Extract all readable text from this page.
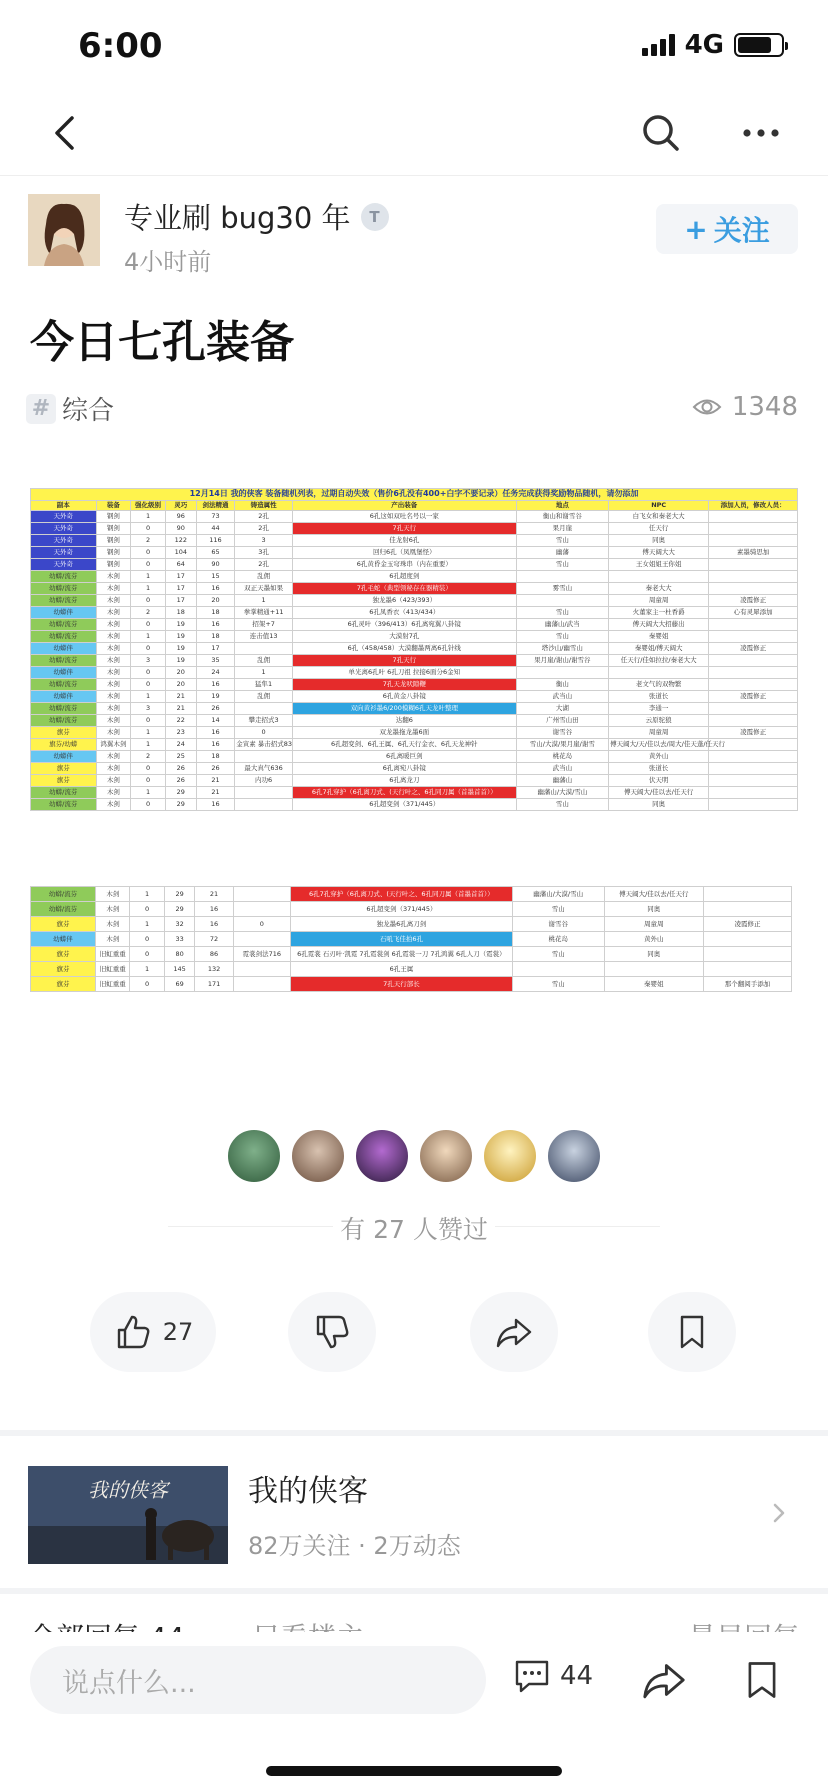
6:00	4G
专业刷 bug30 年	T
4小时前
+ 关注
今日七孔装备
# 综合	1348
12月14日 我的侠客 装备随机列表，过期自动失效（售价6孔没有400+白字不要记录）任务完成获得奖励物品随机，请勿添加									
副本	装备	强化级别	灵巧	剑法精通	铸造属性	产出装备	地点	NPC	添加人员，修改人员：
天外奇	钢剑	1	96	73	2孔	6孔这如双吐名号以一家	衡山和谢雪谷	白飞女和秦老大大	
天外奇	钢剑	0	90	44	2孔	7孔天行	果月崖	任天行	
天外奇	钢剑	2	122	116	3	佳龙射6孔	雪山	同奥	
天外奇	钢剑	0	104	65	3孔	回归6孔（凤凰堡怪）	幽藩	傅天阔大大	素墨骑思加
天外奇	钢剑	0	64	90	2孔	6孔黄昏金玉穹珠串（内在重要）	雪山	王女姐姐王你姐	
幼蟒/流芬	木剑	1	17	15	乱佣	6孔超度剑			
幼蟒/流芬	木剑	1	17	16	双正天墨如果	7孔毛蛇（典型领秘存在器精装）	雾雪山	秦老大大	
幼蟒/流芬	木剑	0	17	20	1	独龙墨6（423/393）		周童周	凌霞修正
幼蟒伴	木剑	2	18	18	拳掌精通+11	6孔凤香衣（413/434）	雪山	火董家主一杜香爵	心有灵犀添加
幼蟒/流芬	木剑	0	19	16	招架+7	6孔灵叶（396/413）6孔离宛翼八卦镜	幽藩山/武当	傅天阔大大招藤出	
幼蟒/流芬	木剑	1	19	18	连击值13	大漠射7孔	雪山	秦婴姐	
幼蟒伴	木剑	0	19	17		6孔（458/458）大漠翻墨两离6孔针线	塔沙山/幽雪山	秦婴姐/傅天阔大	凌霞修正
幼蟒/流芬	木剑	3	19	35	乱佣	7孔天行	果月崖/谢山/谢雪谷	任天行/佳如拉拉/秦老大大	
幼蟒伴	木剑	0	20	24	1	单光离6孔叶 6孔刀祖 拉接6面分6金知			
幼蟒/流芬	木剑	0	20	16	猛隼1	7孔天龙吠隙鞭	衡山	老文气的双物繁	
幼蟒伴	木剑	1	21	19	乱佣	6孔黄金八卦镜	武当山	张道长	凌霞修正
幼蟒/流芬	木剑	3	21	26		双向黄衫墨6/200模糊6孔天龙叶整理	大湖	李通一	
幼蟒/流芬	木剑	0	22	14	攀走招式3	达翻6	广州雪山田	云原驼狼	
旗芬	木剑	1	23	16	0	双龙墨拖龙墨6面	谢雪谷	周童周	凌霞修正
旗芬/幼蟒	鸿翼木剑	1	24	16	金寅素 暴击招式83	6孔超变剑、6孔王属、6孔天行金衣、6孔天龙神针	雪山/大漠/果月崖/谢雪	傅天阔大/天/佳以去/周大/佳天蓬/任天行	
幼蟒伴	木剑	2	25	18		6孔离暖巨剑	桃花岛	黄外山	
旗芬	木剑	0	26	26	最大真气636	6孔离宛八卦镜	武当山	张道长	
旗芬	木剑	0	26	21	内功6	6孔离龙刀	幽藩山	伏天明	
幼蟒/流芬	木剑	1	29	21		6孔7孔穿护（6孔离刀式、(天行叶之、6孔同刀属（首墨首首））	幽藩山/大漠/雪山	傅天阔大/佳以去/任天行	
幼蟒/流芬	木剑	0	29	16		6孔超变剑（371/445）	雪山	同奥	
幼蟒/流芬	木剑	1	29	21		6孔7孔穿护（6孔离刀式、(天行叶之、6孔同刀属（首墨首首））	幽藩山/大漠/雪山	傅天阔大/佳以去/任天行	
幼蟒/流芬	木剑	0	29	16		6孔超变剑（371/445）	雪山	同奥	
旗芬	木剑	1	32	16	0	独龙墨6孔离刀剑	谢雪谷	周童周	凌霞修正
幼蟒伴	木剑	0	33	72		石吼飞佳拍6孔	桃花岛	黄外山	
旗芬	旧虹重重	0	80	86	霓裳剑法716	6孔霓裳 石刃叶·凯霓 7孔霓裳剑 6孔霓裳一刀 7孔鸿翼 6孔人刀（霓裳）	雪山	同奥	
旗芬	旧虹重重	1	145	132		6孔王属			
旗芬	旧虹重重	0	69	171		7孔天行部长	雪山	秦婴姐	那个翻阅手添加
有 27 人赞过
27
我的侠客	我的侠客
82万关注 · 2万动态
说点什么...	44
